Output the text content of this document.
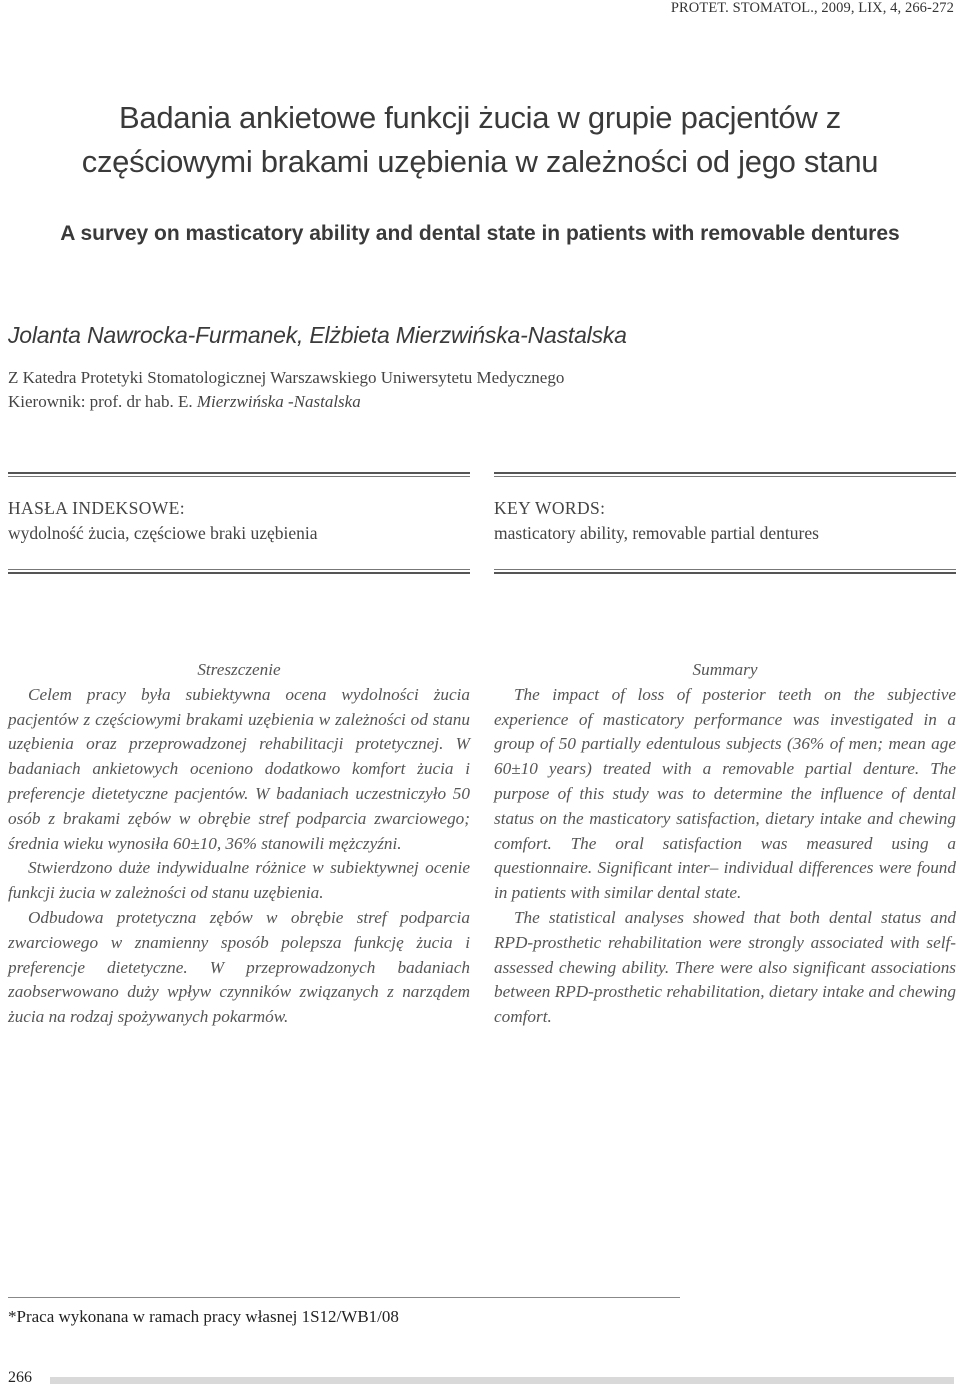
PROTET. STOMATOL., 2009, LIX, 4, 266-272
Badania ankietowe funkcji żucia w grupie pacjentów z
częściowymi brakami uzębienia w zależności od jego stanu
A survey on masticatory ability and dental state in patients with removable dentures
Jolanta Nawrocka-Furmanek, Elżbieta Mierzwińska-Nastalska
Z Katedra Protetyki Stomatologicznej Warszawskiego Uniwersytetu Medycznego
Kierownik: prof. dr hab. E. Mierzwińska -Nastalska
HASŁA INDEKSOWE:
wydolność żucia, częściowe braki uzębienia
KEY WORDS:
masticatory ability, removable partial dentures
Streszczenie

Celem pracy była subiektywna ocena wydolności żucia pacjentów z częściowymi brakami uzębienia w zależności od stanu uzębienia oraz przeprowadzonej rehabilitacji protetycznej. W badaniach ankietowych oceniono dodatkowo komfort żucia i preferencje dietetyczne pacjentów. W badaniach uczestniczyło 50 osób z brakami zębów w obrębie stref podparcia zwarciowego; średnia wieku wynosiła 60±10, 36% stanowili mężczyźni.

Stwierdzono duże indywidualne różnice w subiektywnej ocenie funkcji żucia w zależności od stanu uzębienia.

Odbudowa protetyczna zębów w obrębie stref podparcia zwarciowego w znamienny sposób polepsza funkcję żucia i preferencje dietetyczne. W przeprowadzonych badaniach zaobserwowano duży wpływ czynników związanych z narządem żucia na rodzaj spożywanych pokarmów.

Summary

The impact of loss of posterior teeth on the subjective experience of masticatory performance was investigated in a group of 50 partially edentulous subjects (36% of men; mean age 60±10 years) treated with a removable partial denture. The purpose of this study was to determine the influence of dental status on the masticatory satisfaction, dietary intake and chewing comfort. The oral satisfaction was measured using a questionnaire. Significant inter– individual differences were found in patients with similar dental state.

The statistical analyses showed that both dental status and RPD-prosthetic rehabilitation were strongly associated with self-assessed chewing ability. There were also significant associations between RPD-prosthetic rehabilitation, dietary intake and chewing comfort.

*Praca wykonana w ramach pracy własnej 1S12/WB1/08
266
